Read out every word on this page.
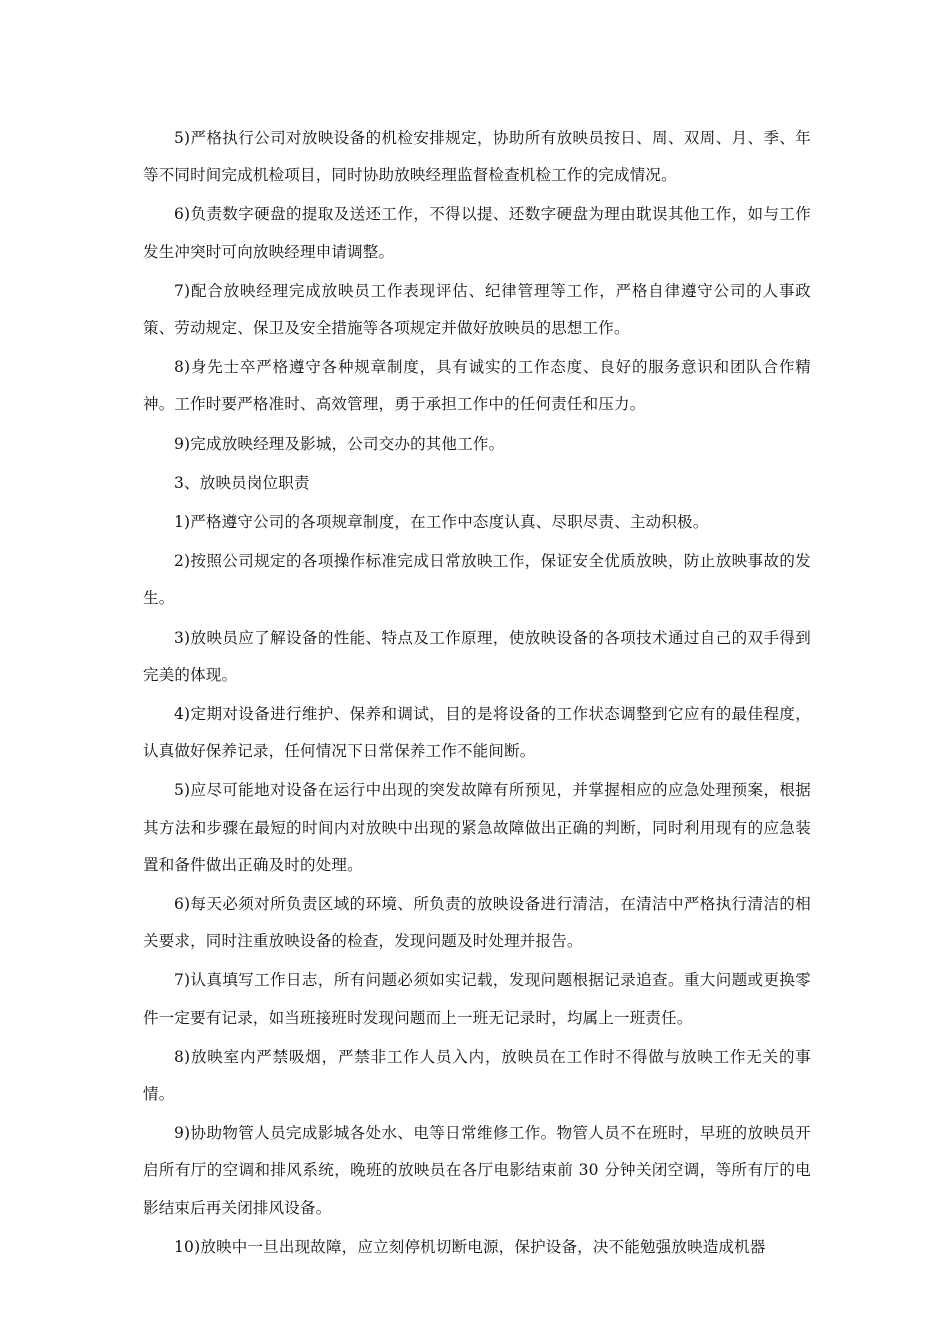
5)严格执行公司对放映设备的机检安排规定，协助所有放映员按日、周、双周、月、季、年等不同时间完成机检项目，同时协助放映经理监督检查机检工作的完成情况。

6)负责数字硬盘的提取及送还工作，不得以提、还数字硬盘为理由耽误其他工作，如与工作发生冲突时可向放映经理申请调整。

7)配合放映经理完成放映员工作表现评估、纪律管理等工作，严格自律遵守公司的人事政策、劳动规定、保卫及安全措施等各项规定并做好放映员的思想工作。

8)身先士卒严格遵守各种规章制度，具有诚实的工作态度、良好的服务意识和团队合作精神。工作时要严格准时、高效管理，勇于承担工作中的任何责任和压力。

9)完成放映经理及影城，公司交办的其他工作。

3、放映员岗位职责

1)严格遵守公司的各项规章制度，在工作中态度认真、尽职尽责、主动积极。

2)按照公司规定的各项操作标准完成日常放映工作，保证安全优质放映，防止放映事故的发生。

3)放映员应了解设备的性能、特点及工作原理，使放映设备的各项技术通过自己的双手得到完美的体现。

4)定期对设备进行维护、保养和调试，目的是将设备的工作状态调整到它应有的最佳程度，认真做好保养记录，任何情况下日常保养工作不能间断。

5)应尽可能地对设备在运行中出现的突发故障有所预见，并掌握相应的应急处理预案，根据其方法和步骤在最短的时间内对放映中出现的紧急故障做出正确的判断，同时利用现有的应急装置和备件做出正确及时的处理。

6)每天必须对所负责区域的环境、所负责的放映设备进行清洁，在清洁中严格执行清洁的相关要求，同时注重放映设备的检查，发现问题及时处理并报告。

7)认真填写工作日志，所有问题必须如实记载，发现问题根据记录追查。重大问题或更换零件一定要有记录，如当班接班时发现问题而上一班无记录时，均属上一班责任。

8)放映室内严禁吸烟，严禁非工作人员入内，放映员在工作时不得做与放映工作无关的事情。

9)协助物管人员完成影城各处水、电等日常维修工作。物管人员不在班时，早班的放映员开启所有厅的空调和排风系统，晚班的放映员在各厅电影结束前 30 分钟关闭空调，等所有厅的电影结束后再关闭排风设备。

10)放映中一旦出现故障，应立刻停机切断电源，保护设备，决不能勉强放映造成机器
